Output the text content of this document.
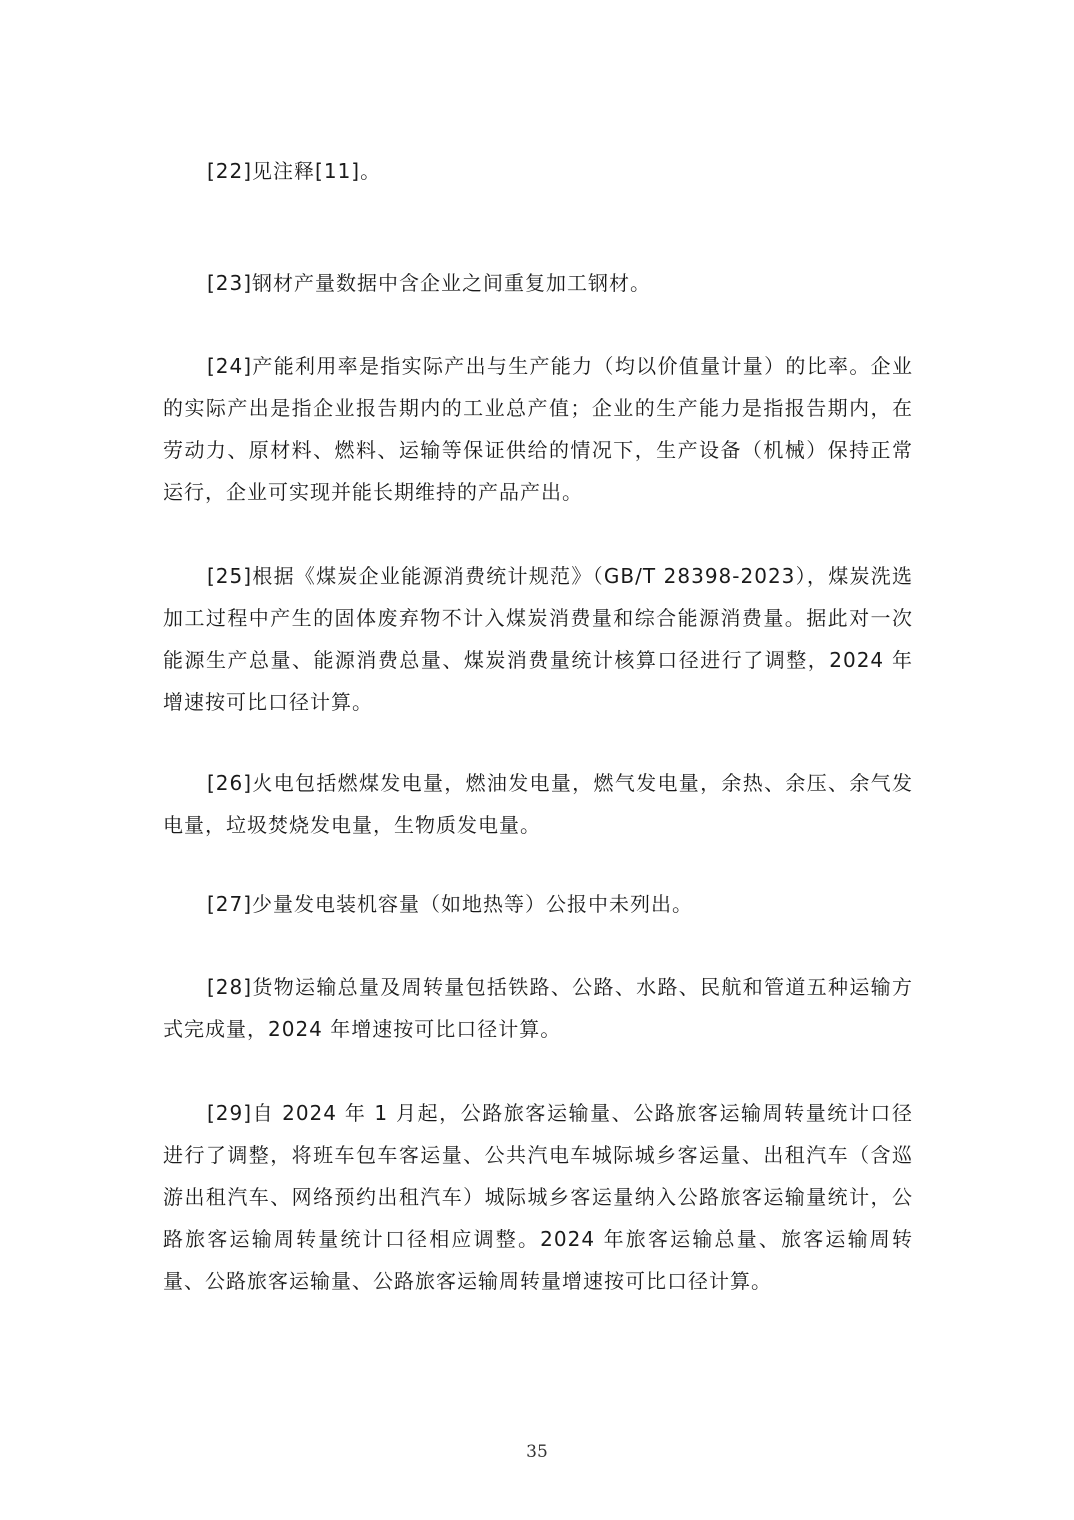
[22]见注释[11]。

[23]钢材产量数据中含企业之间重复加工钢材。

[24]产能利用率是指实际产出与生产能力（均以价值量计量）的比率。企业的实际产出是指企业报告期内的工业总产值；企业的生产能力是指报告期内，在劳动力、原材料、燃料、运输等保证供给的情况下，生产设备（机械）保持正常运行，企业可实现并能长期维持的产品产出。

[25]根据《煤炭企业能源消费统计规范》（GB/T 28398-2023），煤炭洗选加工过程中产生的固体废弃物不计入煤炭消费量和综合能源消费量。据此对一次能源生产总量、能源消费总量、煤炭消费量统计核算口径进行了调整，2024 年增速按可比口径计算。

[26]火电包括燃煤发电量，燃油发电量，燃气发电量，余热、余压、余气发电量，垃圾焚烧发电量，生物质发电量。

[27]少量发电装机容量（如地热等）公报中未列出。

[28]货物运输总量及周转量包括铁路、公路、水路、民航和管道五种运输方式完成量，2024 年增速按可比口径计算。

[29]自 2024 年 1 月起，公路旅客运输量、公路旅客运输周转量统计口径进行了调整，将班车包车客运量、公共汽电车城际城乡客运量、出租汽车（含巡游出租汽车、网络预约出租汽车）城际城乡客运量纳入公路旅客运输量统计，公路旅客运输周转量统计口径相应调整。2024 年旅客运输总量、旅客运输周转量、公路旅客运输量、公路旅客运输周转量增速按可比口径计算。

35
